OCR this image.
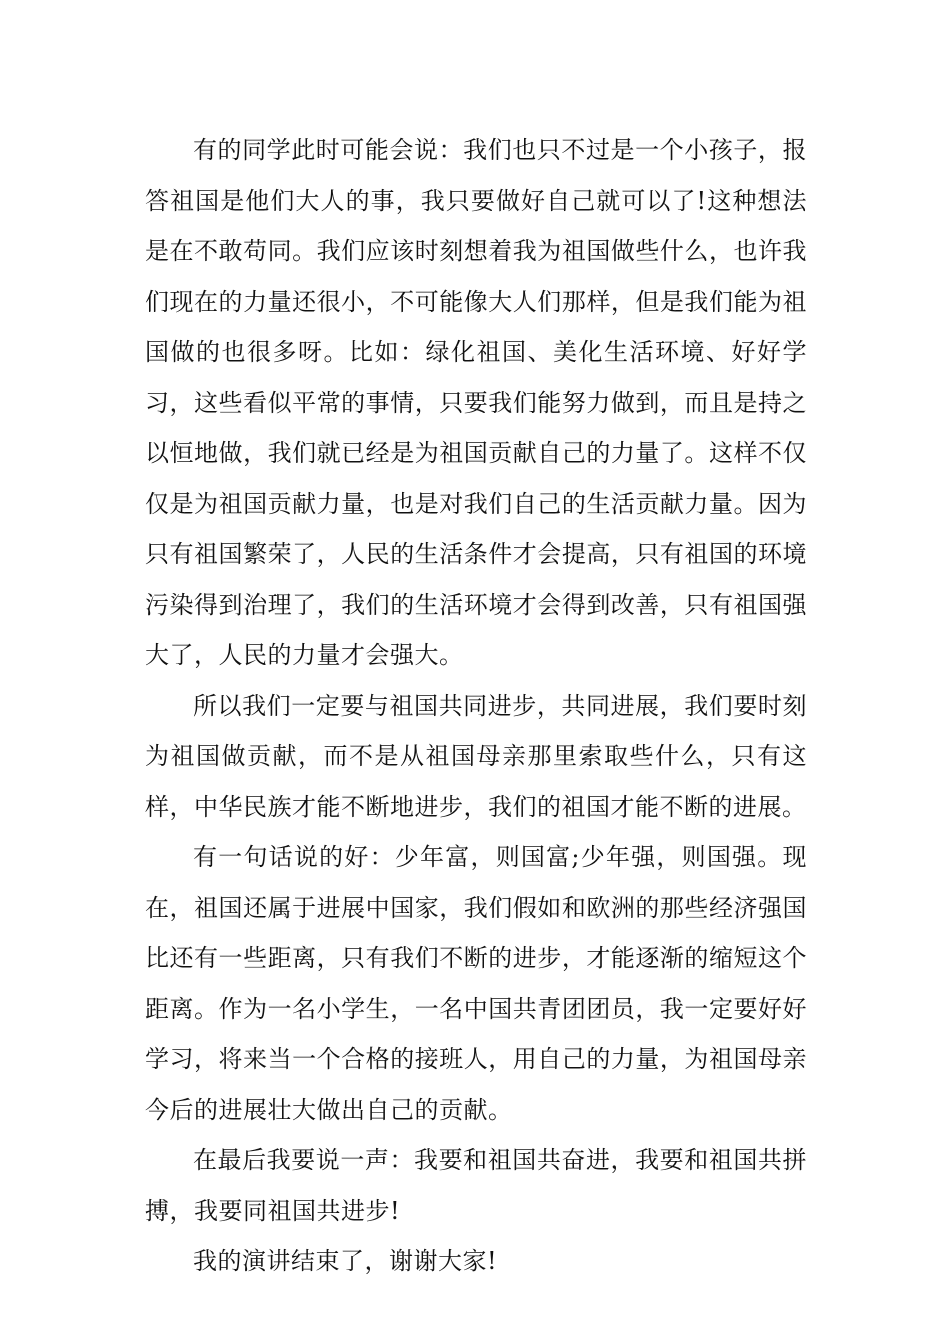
有的同学此时可能会说：我们也只不过是一个小孩子，报答祖国是他们大人的事，我只要做好自己就可以了!这种想法是在不敢苟同。我们应该时刻想着我为祖国做些什么，也许我们现在的力量还很小，不可能像大人们那样，但是我们能为祖国做的也很多呀。比如：绿化祖国、美化生活环境、好好学习，这些看似平常的事情，只要我们能努力做到，而且是持之以恒地做，我们就已经是为祖国贡献自己的力量了。这样不仅仅是为祖国贡献力量，也是对我们自己的生活贡献力量。因为只有祖国繁荣了，人民的生活条件才会提高，只有祖国的环境污染得到治理了，我们的生活环境才会得到改善，只有祖国强大了，人民的力量才会强大。

所以我们一定要与祖国共同进步，共同进展，我们要时刻为祖国做贡献，而不是从祖国母亲那里索取些什么，只有这样，中华民族才能不断地进步，我们的祖国才能不断的进展。

有一句话说的好：少年富，则国富;少年强，则国强。现在，祖国还属于进展中国家，我们假如和欧洲的那些经济强国比还有一些距离，只有我们不断的进步，才能逐渐的缩短这个距离。作为一名小学生，一名中国共青团团员，我一定要好好学习，将来当一个合格的接班人，用自己的力量，为祖国母亲今后的进展壮大做出自己的贡献。

在最后我要说一声：我要和祖国共奋进，我要和祖国共拼搏，我要同祖国共进步!

我的演讲结束了，谢谢大家!
